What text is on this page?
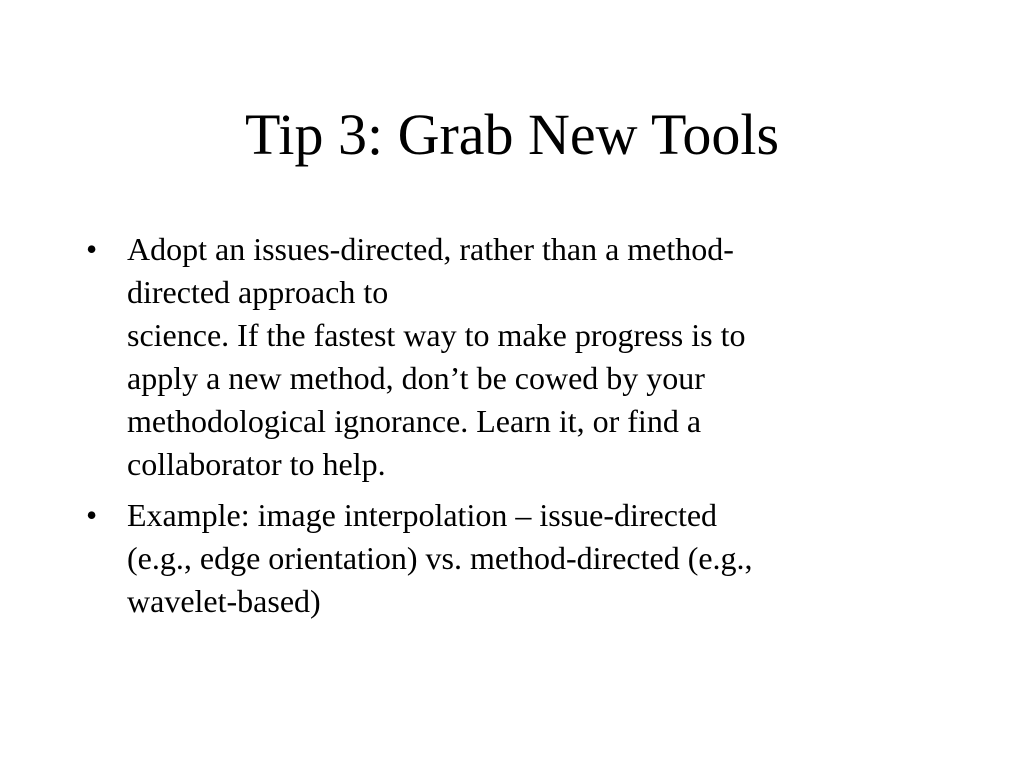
Tip 3: Grab New Tools
• Adopt an issues-directed, rather than a method-
directed approach to
science. If the fastest way to make progress is to
apply a new method, don’t be cowed by your
methodological ignorance. Learn it, or find a
collaborator to help.
• Example: image interpolation – issue-directed
(e.g., edge orientation) vs. method-directed (e.g.,
wavelet-based)
